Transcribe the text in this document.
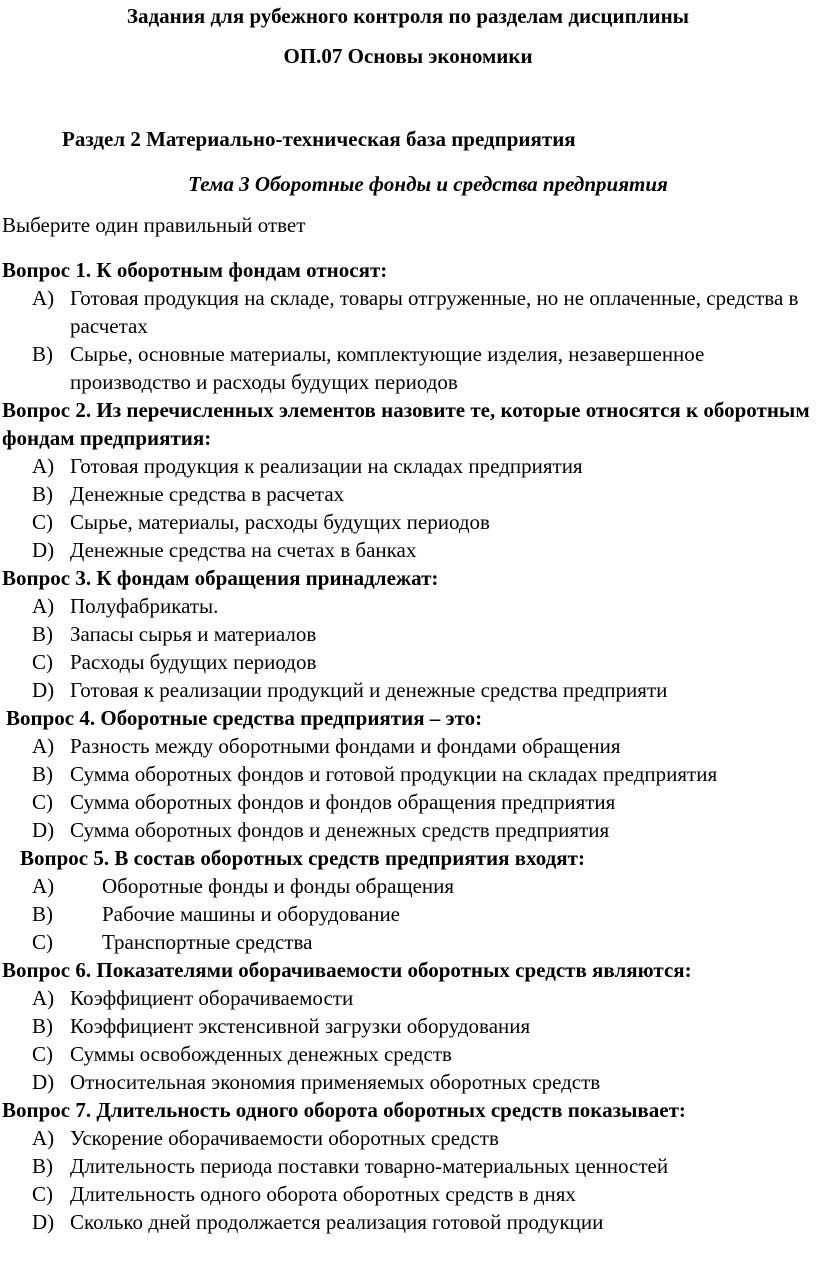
Задания для рубежного контроля по разделам дисциплины
ОП.07 Основы экономики
Раздел 2 Материально-техническая база предприятия
Тема 3 Оборотные фонды и средства предприятия
Выберите один правильный ответ
Вопрос 1. К оборотным фондам относят:
A) Готовая продукция на складе, товары отгруженные, но не оплаченные, средства в расчетах
B) Сырье, основные материалы, комплектующие изделия, незавершенное производство и расходы будущих периодов
Вопрос 2. Из перечисленных элементов назовите те, которые относятся к оборотным фондам предприятия:
A) Готовая продукция к реализации на складах предприятия
B) Денежные средства в расчетах
C) Сырье, материалы, расходы будущих периодов
D) Денежные средства на счетах в банках
Вопрос 3. К фондам обращения принадлежат:
A) Полуфабрикаты.
B) Запасы сырья и материалов
C) Расходы будущих периодов
D) Готовая к реализации продукций и денежные средства предприяти
Вопрос 4. Оборотные средства предприятия – это:
A) Разность между оборотными фондами и фондами обращения
B) Сумма оборотных фондов и готовой продукции на складах предприятия
C) Сумма оборотных фондов и фондов обращения предприятия
D) Сумма оборотных фондов и денежных средств предприятия
Вопрос 5. В состав оборотных средств предприятия входят:
A)	Оборотные фонды и фонды обращения
B)	Рабочие машины и оборудование
C)	Транспортные средства
Вопрос 6. Показателями оборачиваемости оборотных средств являются:
A) Коэффициент оборачиваемости
B) Коэффициент экстенсивной загрузки оборудования
C) Суммы освобожденных денежных средств
D) Относительная экономия применяемых оборотных средств
Вопрос 7. Длительность одного оборота оборотных средств показывает:
A) Ускорение оборачиваемости оборотных средств
B) Длительность периода поставки товарно-материальных ценностей
C) Длительность одного оборота оборотных средств в днях
D) Сколько дней продолжается реализация готовой продукции
